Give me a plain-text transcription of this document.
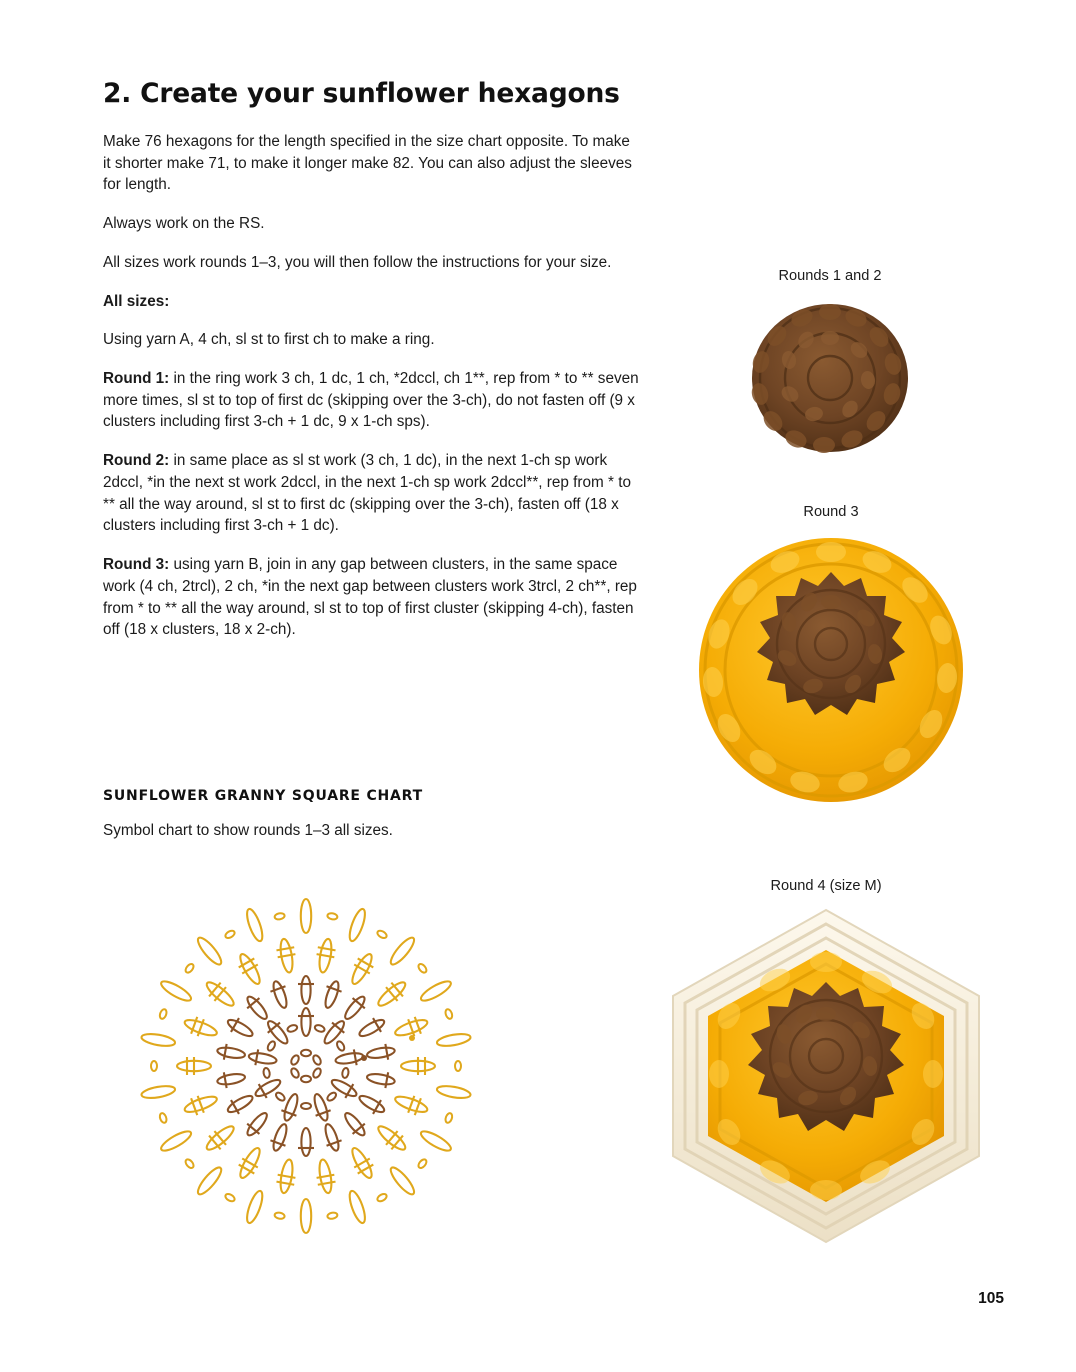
2. Create your sunflower hexagons

Make 76 hexagons for the length specified in the size chart opposite. To make it shorter make 71, to make it longer make 82. You can also adjust the sleeves for length.

Always work on the RS.

All sizes work rounds 1–3, you will then follow the instructions for your size.

All sizes:

Using yarn A, 4 ch, sl st to first ch to make a ring.

Round 1: in the ring work 3 ch, 1 dc, 1 ch, *2dccl, ch 1**, rep from * to ** seven more times, sl st to top of first dc (skipping over the 3-ch), do not fasten off (9 x clusters including first 3-ch + 1 dc, 9 x 1-ch sps).

Round 2: in same place as sl st work (3 ch, 1 dc), in the next 1-ch sp work 2dccl, *in the next st work 2dccl, in the next 1-ch sp work 2dccl**, rep from * to ** all the way around, sl st to first dc (skipping over the 3-ch), fasten off (18 x clusters including first 3-ch + 1 dc).

Round 3: using yarn B, join in any gap between clusters, in the same space work (4 ch, 2trcl), 2 ch, *in the next gap between clusters work 3trcl, 2 ch**, rep from * to ** all the way around, sl st to top of first cluster (skipping 4-ch), fasten off (18 x clusters, 18 x 2-ch).

SUNFLOWER GRANNY SQUARE CHART
Symbol chart to show rounds 1–3 all sizes.
Rounds 1 and 2
Round 3
Round 4 (size M)
105
